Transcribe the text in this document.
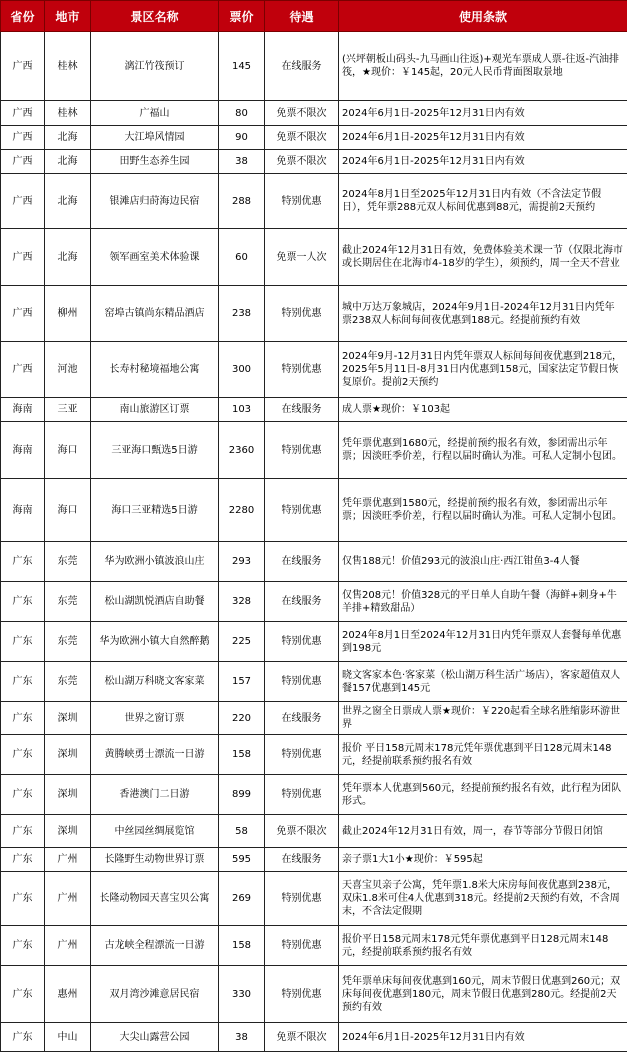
省份	地市	景区名称	票价	待遇	使用条款
广西	桂林	漓江竹筏预订	145	在线服务	(兴坪朝板山码头-九马画山往返)+观光车票成人票-往返-汽油排筏，★现价：￥145起，20元人民币背面图取景地
广西	桂林	广福山	80	免票不限次	2024年6月1日-2025年12月31日内有效
广西	北海	大江埠风情园	90	免票不限次	2024年6月1日-2025年12月31日内有效
广西	北海	田野生态养生园	38	免票不限次	2024年6月1日-2025年12月31日内有效
广西	北海	银滩店归莳海边民宿	288	特别优惠	2024年8月1日至2025年12月31日内有效（不含法定节假日），凭年票288元双人标间优惠到88元，需提前2天预约
广西	北海	领军画室美术体验课	60	免票一人次	截止2024年12月31日有效，免费体验美术课一节（仅限北海市或长期居住在北海市4-18岁的学生），须预约，周一全天不营业
广西	柳州	窑埠古镇尚东精品酒店	238	特别优惠	城中万达万象城店，2024年9月1日-2024年12月31日内凭年票238双人标间每间夜优惠到188元。经提前预约有效
广西	河池	长寿村秘境福地公寓	300	特别优惠	2024年9月-12月31日内凭年票双人标间每间夜优惠到218元，2025年5月11日-8月31日内优惠到158元，国家法定节假日恢复原价。提前2天预约
海南	三亚	南山旅游区订票	103	在线服务	成人票★现价：￥103起
海南	海口	三亚海口甄选5日游	2360	特别优惠	凭年票优惠到1680元，经提前预约报名有效，参团需出示年票；因淡旺季价差，行程以届时确认为准。可私人定制小包团。
海南	海口	海口三亚精选5日游	2280	特别优惠	凭年票优惠到1580元，经提前预约报名有效，参团需出示年票；因淡旺季价差，行程以届时确认为准。可私人定制小包团。
广东	东莞	华为欧洲小镇波浪山庄	293	在线服务	仅售188元！价值293元的波浪山庄·西江钳鱼3-4人餐
广东	东莞	松山湖凯悦酒店自助餐	328	在线服务	仅售208元！价值328元的平日单人自助午餐（海鲜+刺身+牛羊排+精致甜品）
广东	东莞	华为欧洲小镇大自然醉鹅	225	特别优惠	2024年8月1日至2024年12月31日内凭年票双人套餐每单优惠到198元
广东	东莞	松山湖万科晓文客家菜	157	特别优惠	晓文客家本色·客家菜（松山湖万科生活广场店），客家超值双人餐157优惠到145元
广东	深圳	世界之窗订票	220	在线服务	世界之窗全日票成人票★现价：￥220起看全球名胜缩影环游世界
广东	深圳	黄腾峡勇士漂流一日游	158	特别优惠	报价 平日158元周末178元凭年票优惠到平日128元周末148元，经提前联系预约报名有效
广东	深圳	香港澳门二日游	899	特别优惠	凭年票本人优惠到560元，经提前预约报名有效，此行程为团队形式。
广东	深圳	中丝园丝绸展览馆	58	免票不限次	截止2024年12月31日有效，周一，春节等部分节假日闭馆
广东	广州	长隆野生动物世界订票	595	在线服务	亲子票1大1小★现价：￥595起
广东	广州	长隆动物园天喜宝贝公寓	269	特别优惠	天喜宝贝亲子公寓，凭年票1.8米大床房每间夜优惠到238元，双床1.8米可住4人优惠到318元。经提前2天预约有效，不含周末，不含法定假期
广东	广州	古龙峡全程漂流一日游	158	特别优惠	报价平日158元周末178元凭年票优惠到平日128元周末148元，经提前联系预约报名有效
广东	惠州	双月湾沙滩意居民宿	330	特别优惠	凭年票单床每间夜优惠到160元，周末节假日优惠到260元；双床每间夜优惠到180元，周末节假日优惠到280元。经提前2天预约有效
广东	中山	大尖山露营公园	38	免票不限次	2024年6月1日-2025年12月31日内有效
